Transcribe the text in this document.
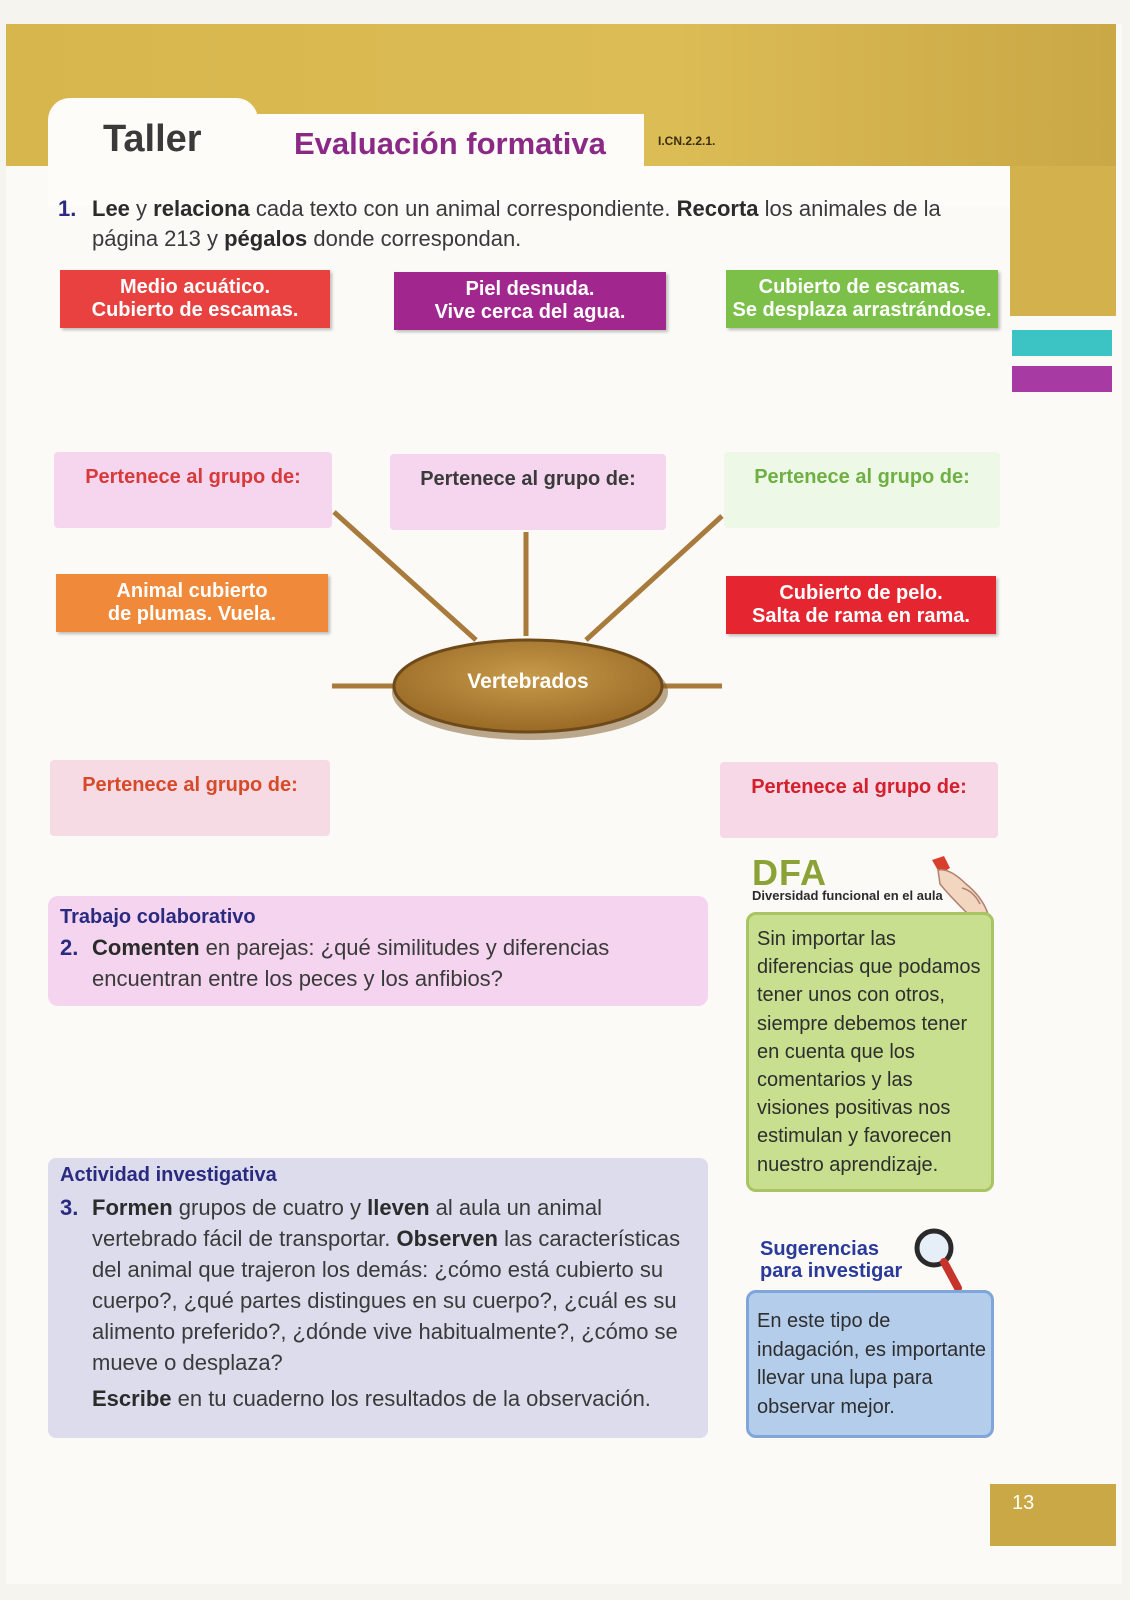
Taller	Evaluación formativa	I.CN.2.2.1.
1. Lee y relaciona cada texto con un animal correspondiente. Recorta los animales de la página 213 y pégalos donde correspondan.
Vertebrados
Medio acuático.
Cubierto de escamas.
Piel desnuda.
Vive cerca del agua.
Cubierto de escamas.
Se desplaza arrastrándose.
Animal cubierto
de plumas. Vuela.
Cubierto de pelo.
Salta de rama en rama.
Pertenece al grupo de:	Pertenece al grupo de:	Pertenece al grupo de:
Pertenece al grupo de:	Pertenece al grupo de:
Trabajo colaborativo
2. Comenten en parejas: ¿qué similitudes y diferencias encuentran entre los peces y los anfibios?
Actividad investigativa
3. Formen grupos de cuatro y lleven al aula un animal vertebrado fácil de transportar. Observen las características del animal que trajeron los demás: ¿cómo está cubierto su cuerpo?, ¿qué partes distingues en su cuerpo?, ¿cuál es su alimento preferido?, ¿dónde vive habitualmente?, ¿cómo se mueve o desplaza?
Escribe en tu cuaderno los resultados de la observación.
DFA
Diversidad funcional en el aula

Sin importar las diferencias que podamos tener unos con otros, siempre debemos tener en cuenta que los comentarios y las visiones positivas nos estimulan y favorecen nuestro aprendizaje.

Sugerencias
para investigar

En este tipo de indagación, es importante llevar una lupa para observar mejor.

13
